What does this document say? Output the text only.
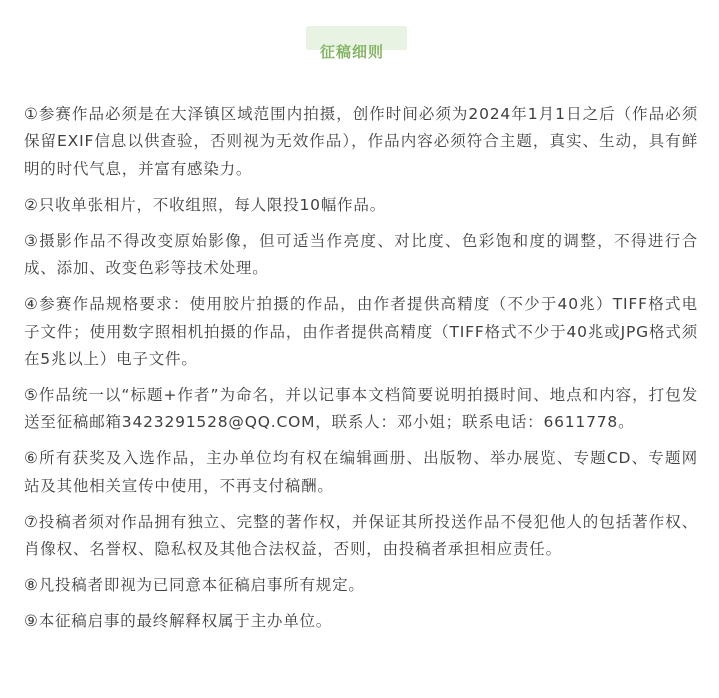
征稿细则

①参赛作品必须是在大泽镇区域范围内拍摄，创作时间必须为2024年1月1日之后（作品必须保留EXIF信息以供查验，否则视为无效作品），作品内容必须符合主题，真实、生动，具有鲜明的时代气息，并富有感染力。

②只收单张相片，不收组照，每人限投10幅作品。

③摄影作品不得改变原始影像，但可适当作亮度、对比度、色彩饱和度的调整，不得进行合成、添加、改变色彩等技术处理。

④参赛作品规格要求：使用胶片拍摄的作品，由作者提供高精度（不少于40兆）TIFF格式电子文件；使用数字照相机拍摄的作品，由作者提供高精度（TIFF格式不少于40兆或JPG格式须在5兆以上）电子文件。

⑤作品统一以“标题+作者”为命名，并以记事本文档简要说明拍摄时间、地点和内容，打包发送至征稿邮箱3423291528@QQ.COM，联系人：邓小姐；联系电话：6611778。

⑥所有获奖及入选作品，主办单位均有权在编辑画册、出版物、举办展览、专题CD、专题网站及其他相关宣传中使用，不再支付稿酬。

⑦投稿者须对作品拥有独立、完整的著作权，并保证其所投送作品不侵犯他人的包括著作权、肖像权、名誉权、隐私权及其他合法权益，否则，由投稿者承担相应责任。

⑧凡投稿者即视为已同意本征稿启事所有规定。

⑨本征稿启事的最终解释权属于主办单位。
